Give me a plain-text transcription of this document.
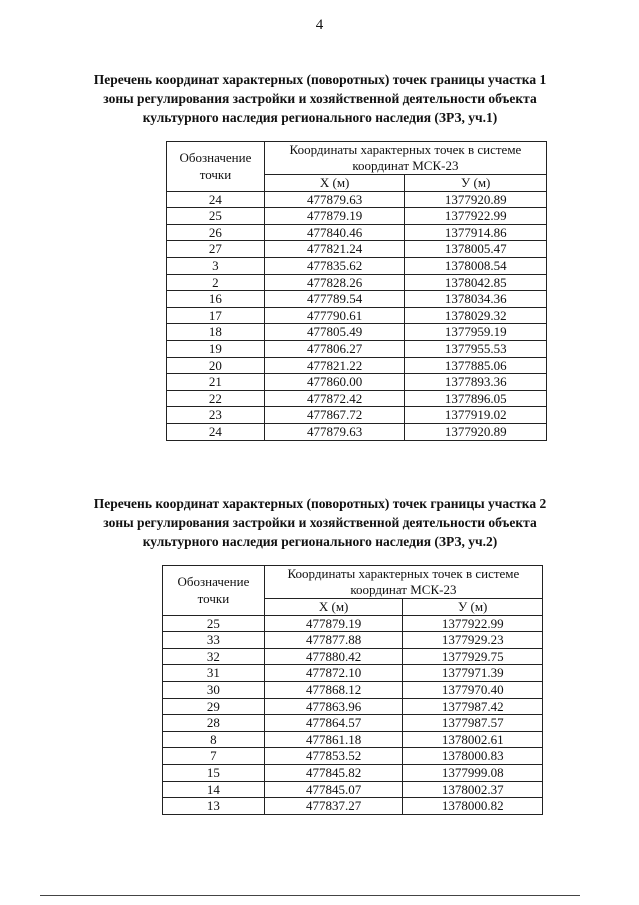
4
Перечень координат характерных (поворотных) точек границы участка 1
зоны регулирования застройки и хозяйственной деятельности объекта
культурного наследия регионального наследия (ЗРЗ, уч.1)
Обозначение точки	Координаты характерных точек в системе координат МСК-23	
	Х (м)	У (м)
24	477879.63	1377920.89
25	477879.19	1377922.99
26	477840.46	1377914.86
27	477821.24	1378005.47
3	477835.62	1378008.54
2	477828.26	1378042.85
16	477789.54	1378034.36
17	477790.61	1378029.32
18	477805.49	1377959.19
19	477806.27	1377955.53
20	477821.22	1377885.06
21	477860.00	1377893.36
22	477872.42	1377896.05
23	477867.72	1377919.02
24	477879.63	1377920.89
Перечень координат характерных (поворотных) точек границы участка 2
зоны регулирования застройки и хозяйственной деятельности объекта
культурного наследия регионального наследия (ЗРЗ, уч.2)
Обозначение точки	Координаты характерных точек в системе координат МСК-23	
	Х (м)	У (м)
25	477879.19	1377922.99
33	477877.88	1377929.23
32	477880.42	1377929.75
31	477872.10	1377971.39
30	477868.12	1377970.40
29	477863.96	1377987.42
28	477864.57	1377987.57
8	477861.18	1378002.61
7	477853.52	1378000.83
15	477845.82	1377999.08
14	477845.07	1378002.37
13	477837.27	1378000.82
